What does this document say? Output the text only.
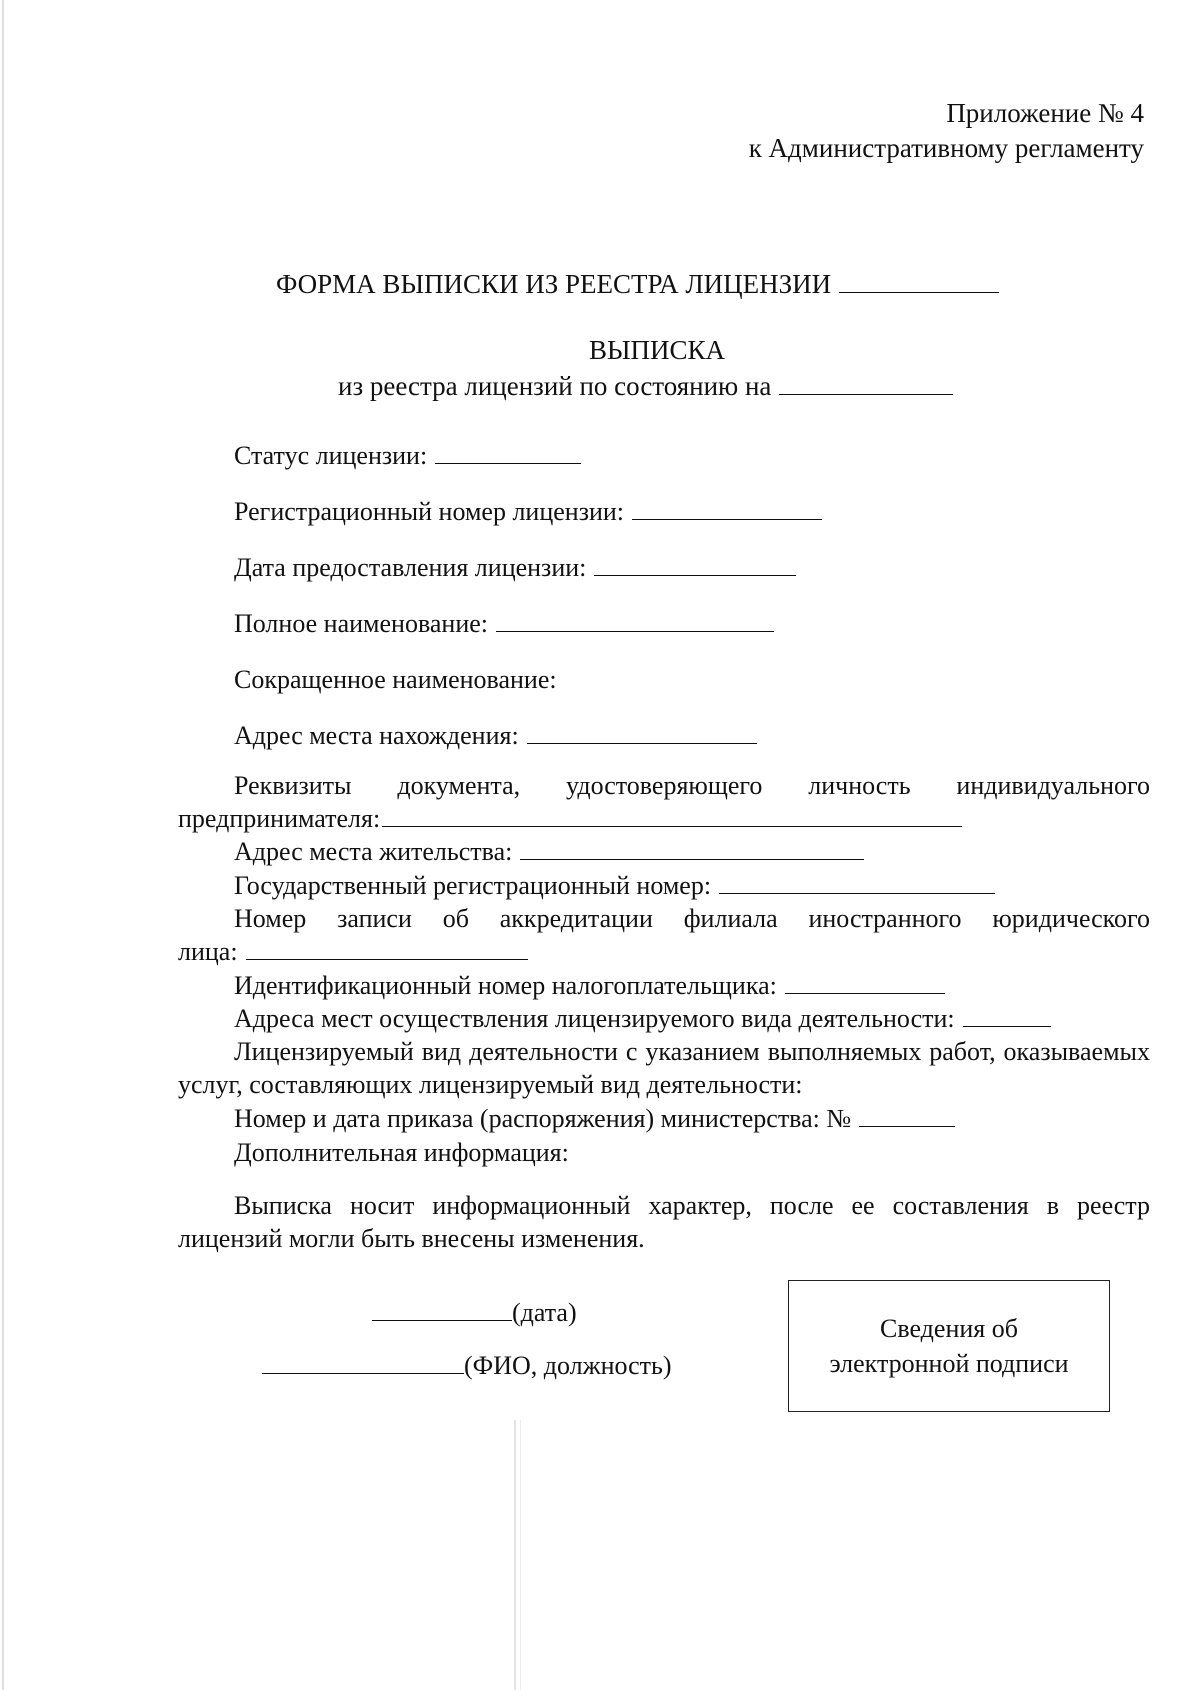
Приложение № 4
к Административному регламенту
ФОРМА ВЫПИСКИ ИЗ РЕЕСТРА ЛИЦЕНЗИИ
ВЫПИСКА
из реестра лицензий по состоянию на
Статус лицензии:
Регистрационный номер лицензии:
Дата предоставления лицензии:
Полное наименование:
Сокращенное наименование:
Адрес места нахождения:
Реквизиты документа, удостоверяющего личность индивидуального
предпринимателя:
Адрес места жительства:
Государственный регистрационный номер:
Номер записи об аккредитации филиала иностранного юридического
лица:
Идентификационный номер налогоплательщика:
Адреса мест осуществления лицензируемого вида деятельности:
Лицензируемый вид деятельности с указанием выполняемых работ, оказываемых услуг, составляющих лицензируемый вид деятельности:
Номер и дата приказа (распоряжения) министерства: №
Дополнительная информация:
Выписка носит информационный характер, после ее составления в реестр лицензий могли быть внесены изменения.
(дата)
(ФИО, должность)
Сведения об
электронной подписи
